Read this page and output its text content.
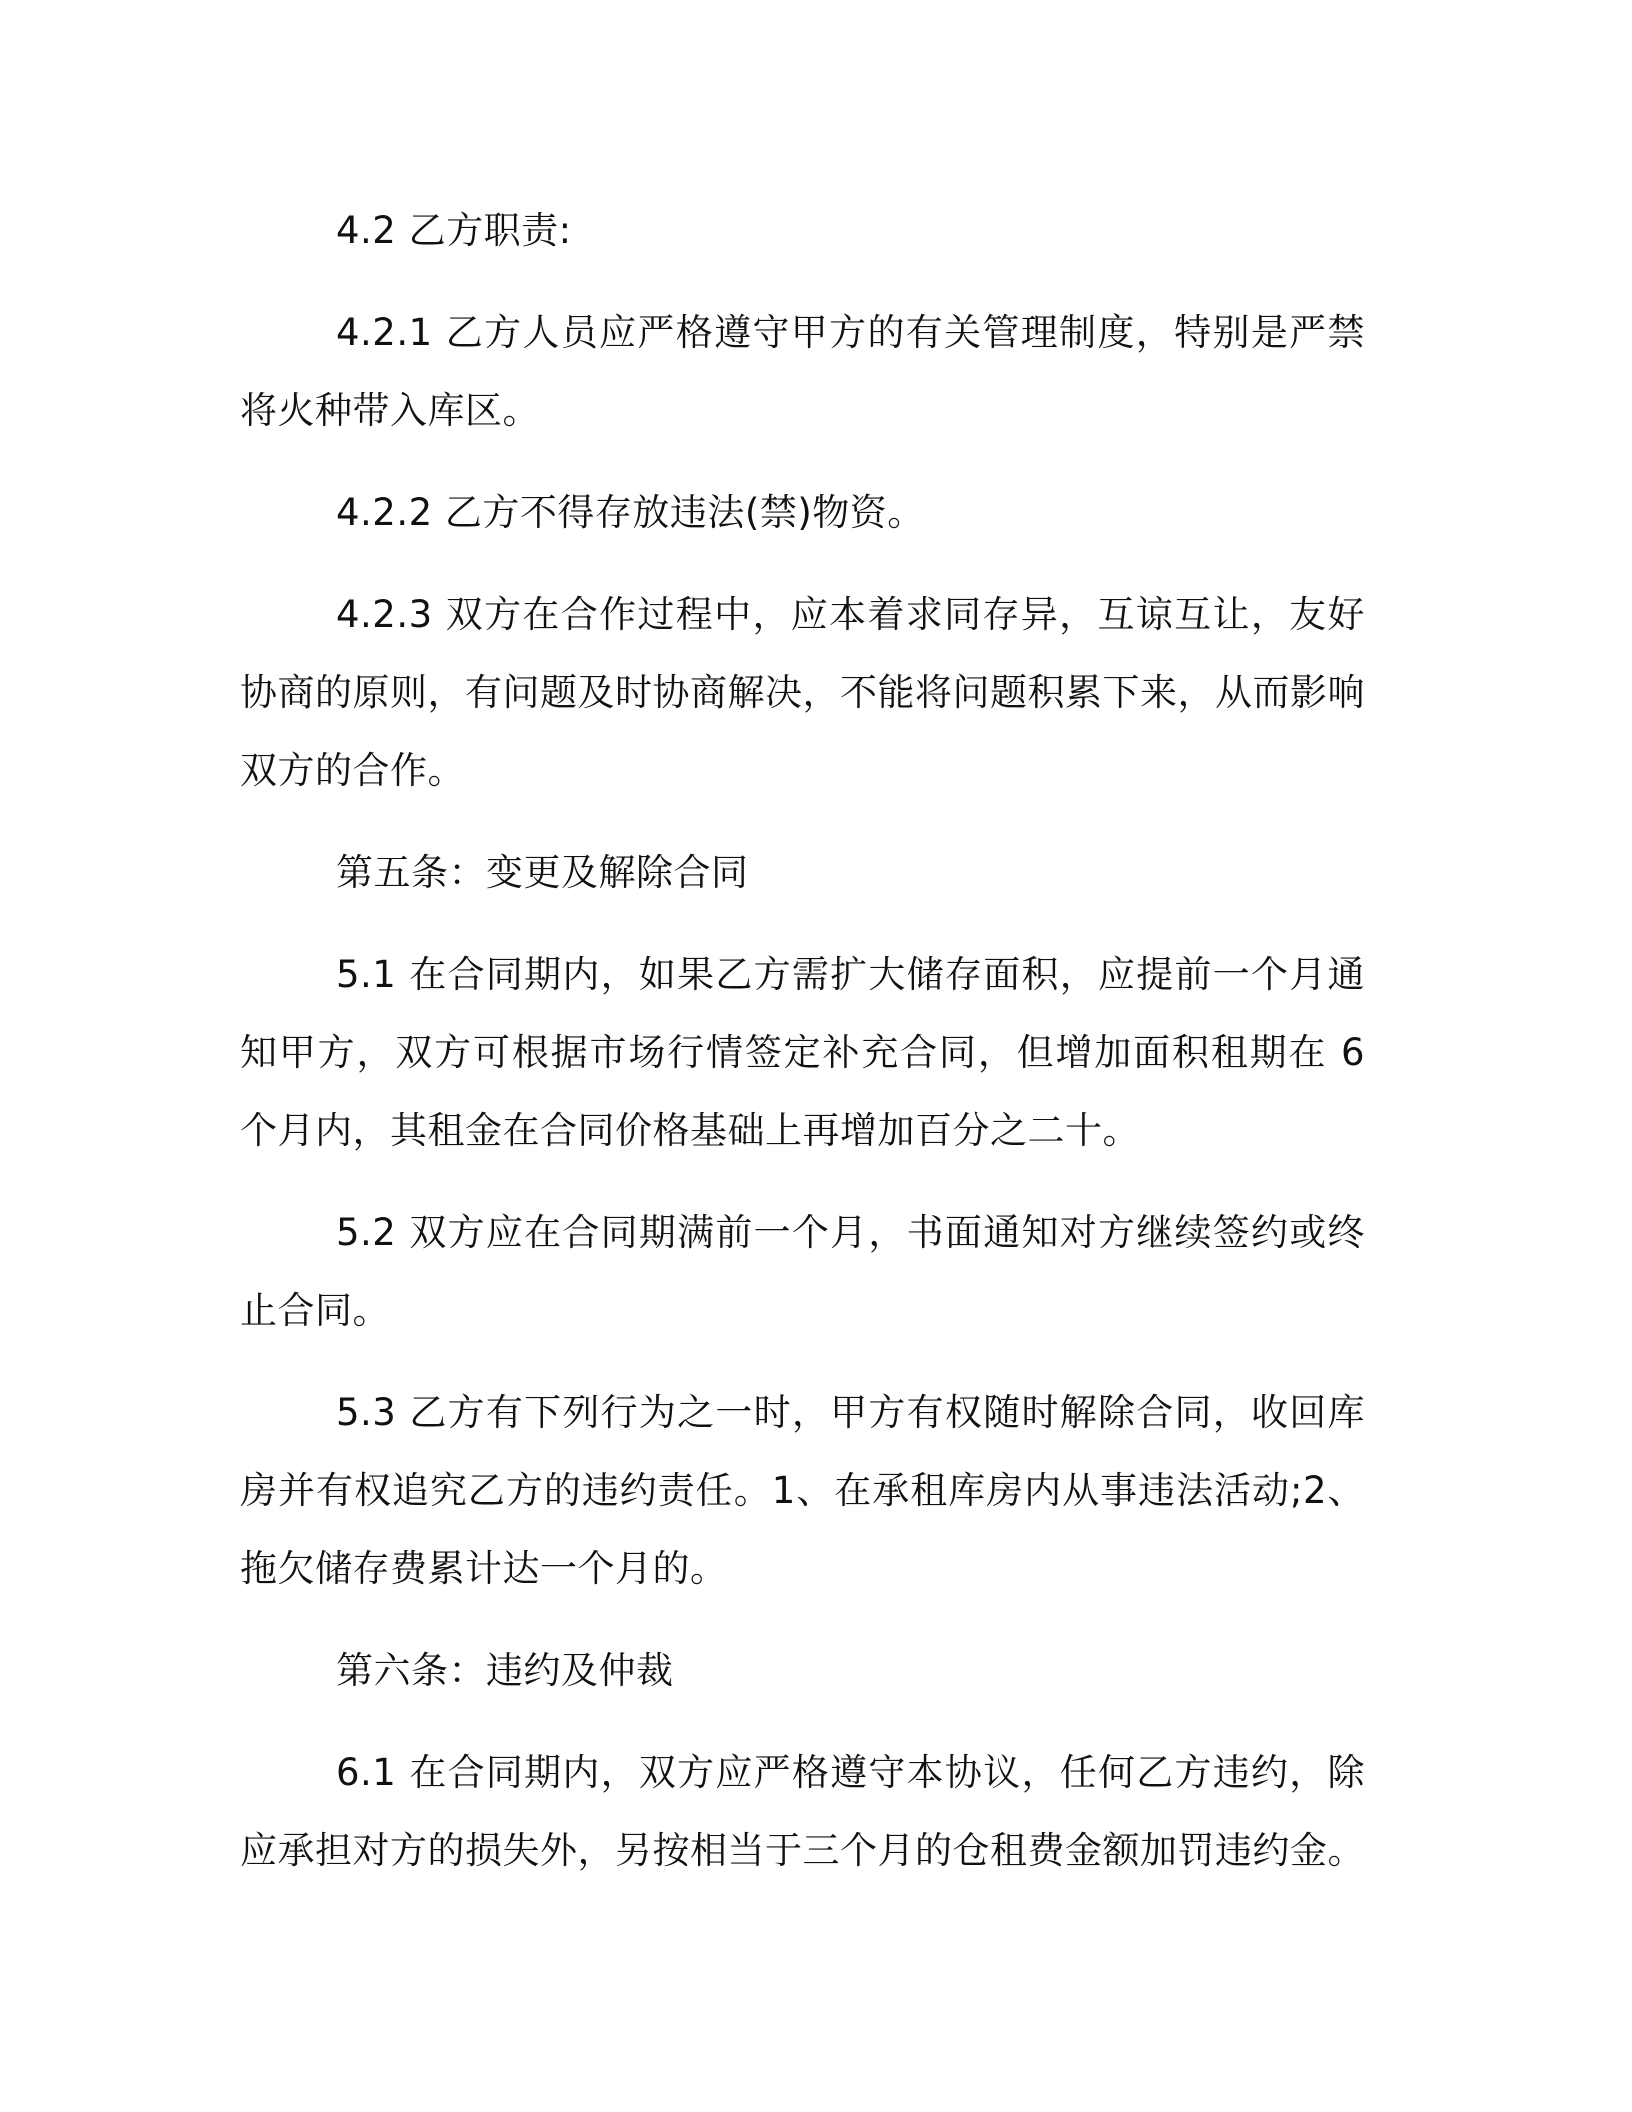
4.2 乙方职责:

4.2.1 乙方人员应严格遵守甲方的有关管理制度，特别是严禁将火种带入库区。

4.2.2 乙方不得存放违法(禁)物资。

4.2.3 双方在合作过程中，应本着求同存异，互谅互让，友好协商的原则，有问题及时协商解决，不能将问题积累下来，从而影响双方的合作。

第五条：变更及解除合同

5.1 在合同期内，如果乙方需扩大储存面积，应提前一个月通知甲方，双方可根据市场行情签定补充合同，但增加面积租期在 6 个月内，其租金在合同价格基础上再增加百分之二十。

5.2 双方应在合同期满前一个月，书面通知对方继续签约或终止合同。

5.3 乙方有下列行为之一时，甲方有权随时解除合同，收回库房并有权追究乙方的违约责任。1、在承租库房内从事违法活动;2、拖欠储存费累计达一个月的。

第六条：违约及仲裁

6.1 在合同期内，双方应严格遵守本协议，任何乙方违约，除应承担对方的损失外，另按相当于三个月的仓租费金额加罚违约金。
